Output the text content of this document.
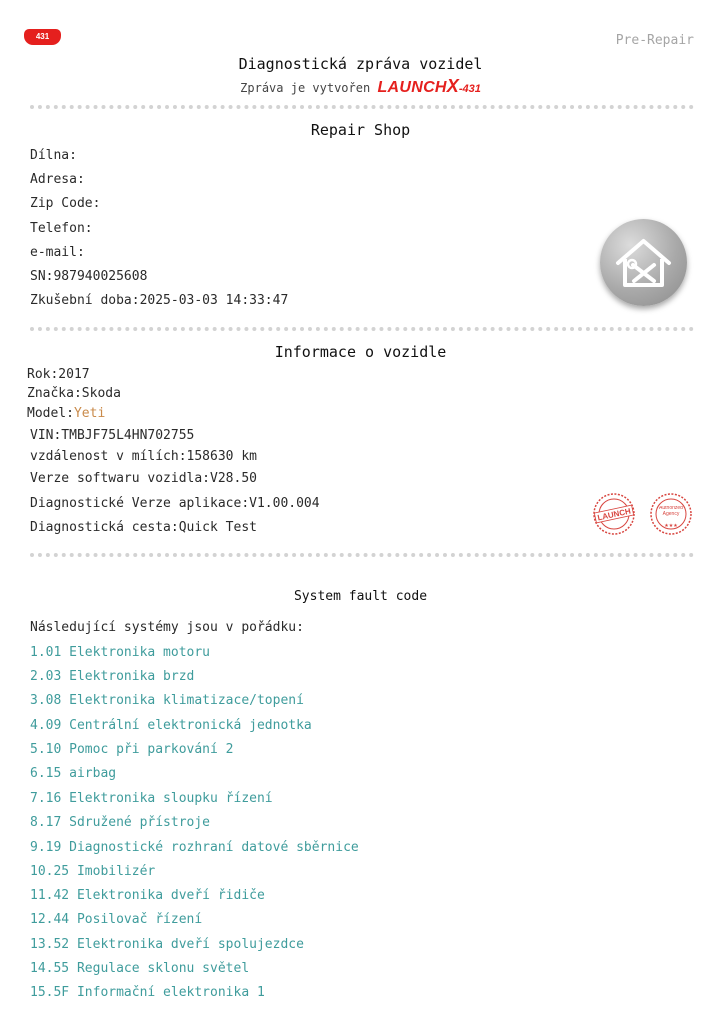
431	Pre-Repair
Diagnostická zpráva vozidel
Zpráva je vytvořen LAUNCHX-431
Repair Shop
Dílna:
Adresa:
Zip Code:
Telefon:
e-mail:
SN:987940025608
Zkušební doba:2025-03-03 14:33:47
Informace o vozidle
Rok:2017
Značka:Skoda
Model:Yeti
VIN:TMBJF75L4HN702755
vzdálenost v mílích:158630 km
Verze softwaru vozidla:V28.50
Diagnostické Verze aplikace:V1.00.004
Diagnostická cesta:Quick Test
LAUNCH	Authorized Agency
★★★
System fault code
Následující systémy jsou v pořádku:
1.01 Elektronika motoru
2.03 Elektronika brzd
3.08 Elektronika klimatizace/topení
4.09 Centrální elektronická jednotka
5.10 Pomoc při parkování 2
6.15 airbag
7.16 Elektronika sloupku řízení
8.17 Sdružené přístroje
9.19 Diagnostické rozhraní datové sběrnice
10.25 Imobilizér
11.42 Elektronika dveří řidiče
12.44 Posilovač řízení
13.52 Elektronika dveří spolujezdce
14.55 Regulace sklonu světel
15.5F Informační elektronika 1
